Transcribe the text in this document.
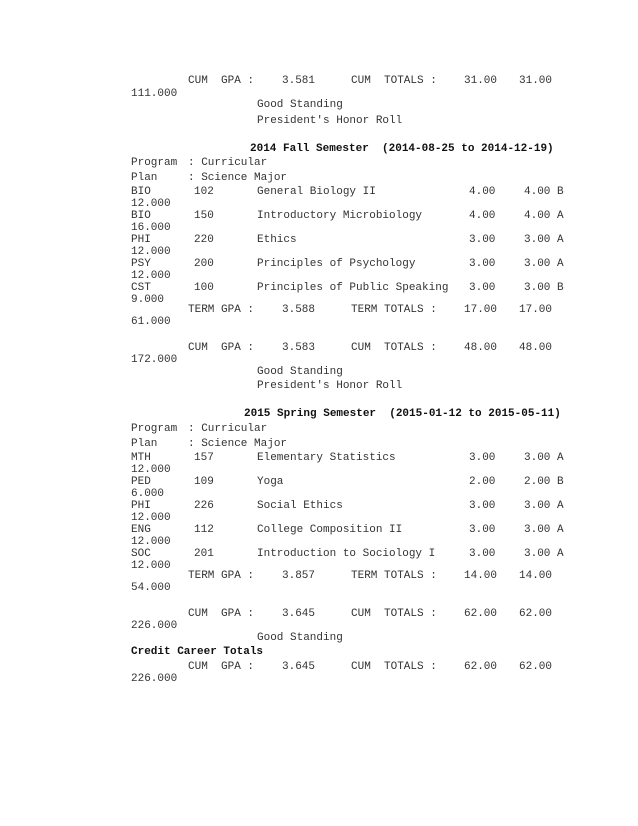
CUM  GPA :	3.581	CUM  TOTALS : 31.00 31.00
111.000
Good Standing
President's Honor Roll
2014 Fall Semester  (2014-08-25 to 2014-12-19)
Program : Curricular
Plan	: Science Major
BIO	102	General Biology II	4.00	4.00 B
12.000
BIO	150	Introductory Microbiology	4.00	4.00 A
16.000
PHI	220	Ethics	3.00	3.00 A
12.000
PSY	200	Principles of Psychology	3.00	3.00 A
12.000
CST	100	Principles of Public Speaking 3.00	3.00 B
9.000
TERM GPA :	3.588	TERM TOTALS : 17.00 17.00
61.000
CUM  GPA :	3.583	CUM  TOTALS : 48.00 48.00
172.000
Good Standing
President's Honor Roll
2015 Spring Semester  (2015-01-12 to 2015-05-11)
Program : Curricular
Plan	: Science Major
MTH	157	Elementary Statistics	3.00	3.00 A
12.000
PED	109	Yoga	2.00	2.00 B
6.000
PHI	226	Social Ethics	3.00	3.00 A
12.000
ENG	112	College Composition II	3.00	3.00 A
12.000
SOC	201	Introduction to Sociology I	3.00	3.00 A
12.000
TERM GPA :	3.857	TERM TOTALS : 14.00 14.00
54.000
CUM  GPA :	3.645	CUM  TOTALS : 62.00 62.00
226.000
Good Standing
Credit Career Totals
CUM  GPA :	3.645	CUM  TOTALS : 62.00 62.00
226.000
